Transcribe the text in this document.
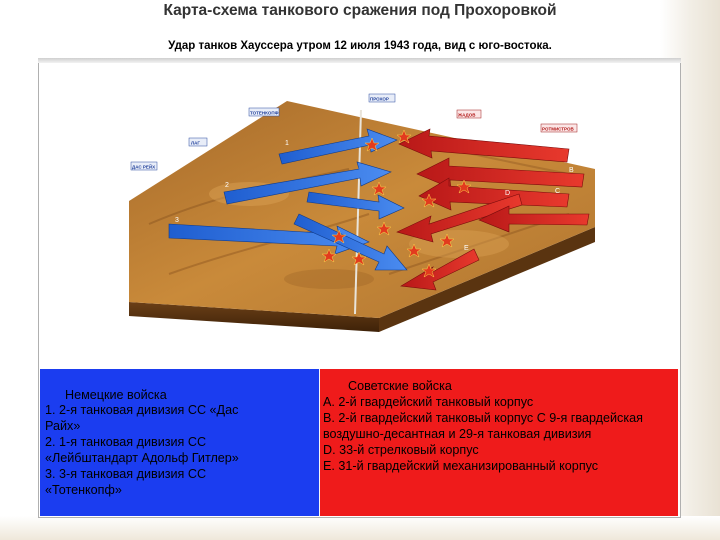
Карта-схема танкового сражения под Прохоровкой
Удар танков Хауссера утром 12 июля 1943 года, вид с юго-востока.
1
2
3
A
B
C
D
E
ДАС РЕЙХ
ЛАГ
ТОТЕНКОПФ
ПРОХОР
ЖАДОВ
РОТМИСТРОВ
Немецкие войска
1. 2-я танковая дивизия СС «Дас
Райх»
2. 1-я танковая дивизия СС
«Лейбштандарт Адольф Гитлер»
3. 3-я танковая дивизия СС
«Тотенкопф»
Советские войска
A. 2-й гвардейский танковый корпус
B. 2-й гвардейский танковый корпус С 9-я гвардейская воздушно-десантная и 29-я танковая дивизия
D. 33-й стрелковый корпус
E. 31-й гвардейский механизированный корпус
